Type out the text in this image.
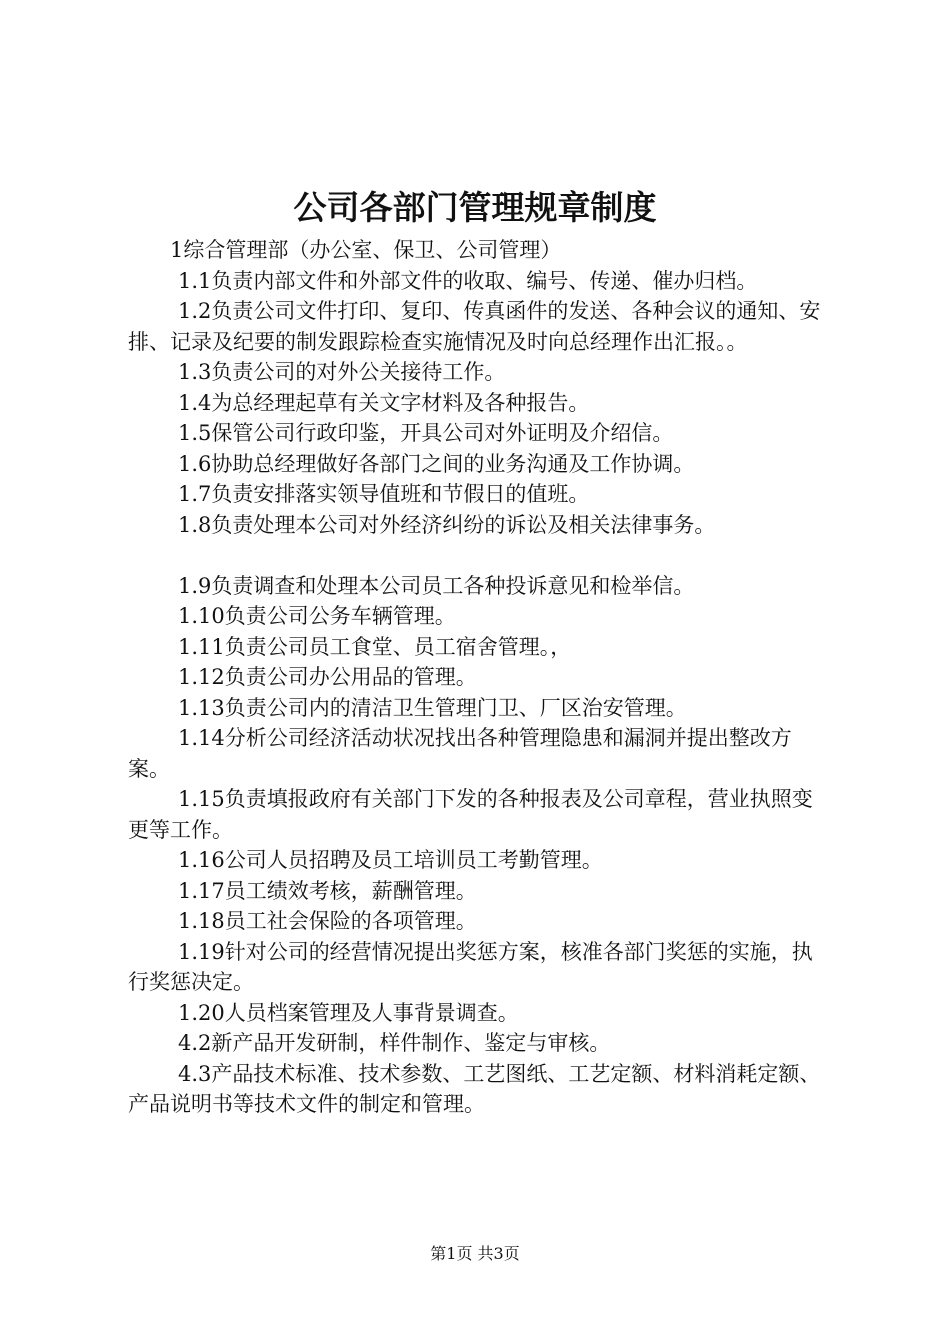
公司各部门管理规章制度

1综合管理部（办公室、保卫、公司管理）

1.1负责内部文件和外部文件的收取、编号、传递、催办归档。

1.2负责公司文件打印、复印、传真函件的发送、各种会议的通知、安排、记录及纪要的制发跟踪检查实施情况及时向总经理作出汇报。。

1.3负责公司的对外公关接待工作。

1.4为总经理起草有关文字材料及各种报告。

1.5保管公司行政印鉴，开具公司对外证明及介绍信。

1.6协助总经理做好各部门之间的业务沟通及工作协调。

1.7负责安排落实领导值班和节假日的值班。

1.8负责处理本公司对外经济纠纷的诉讼及相关法律事务。

1.9负责调查和处理本公司员工各种投诉意见和检举信。

1.10负责公司公务车辆管理。

1.11负责公司员工食堂、员工宿舍管理。，

1.12负责公司办公用品的管理。

1.13负责公司内的清洁卫生管理门卫、厂区治安管理。

1.14分析公司经济活动状况找出各种管理隐患和漏洞并提出整改方案。

1.15负责填报政府有关部门下发的各种报表及公司章程，营业执照变更等工作。

1.16公司人员招聘及员工培训员工考勤管理。

1.17员工绩效考核，薪酬管理。

1.18员工社会保险的各项管理。

1.19针对公司的经营情况提出奖惩方案，核准各部门奖惩的实施，执行奖惩决定。

1.20人员档案管理及人事背景调查。

4.2新产品开发研制，样件制作、鉴定与审核。

4.3产品技术标准、技术参数、工艺图纸、工艺定额、材料消耗定额、产品说明书等技术文件的制定和管理。

第1页 共3页
